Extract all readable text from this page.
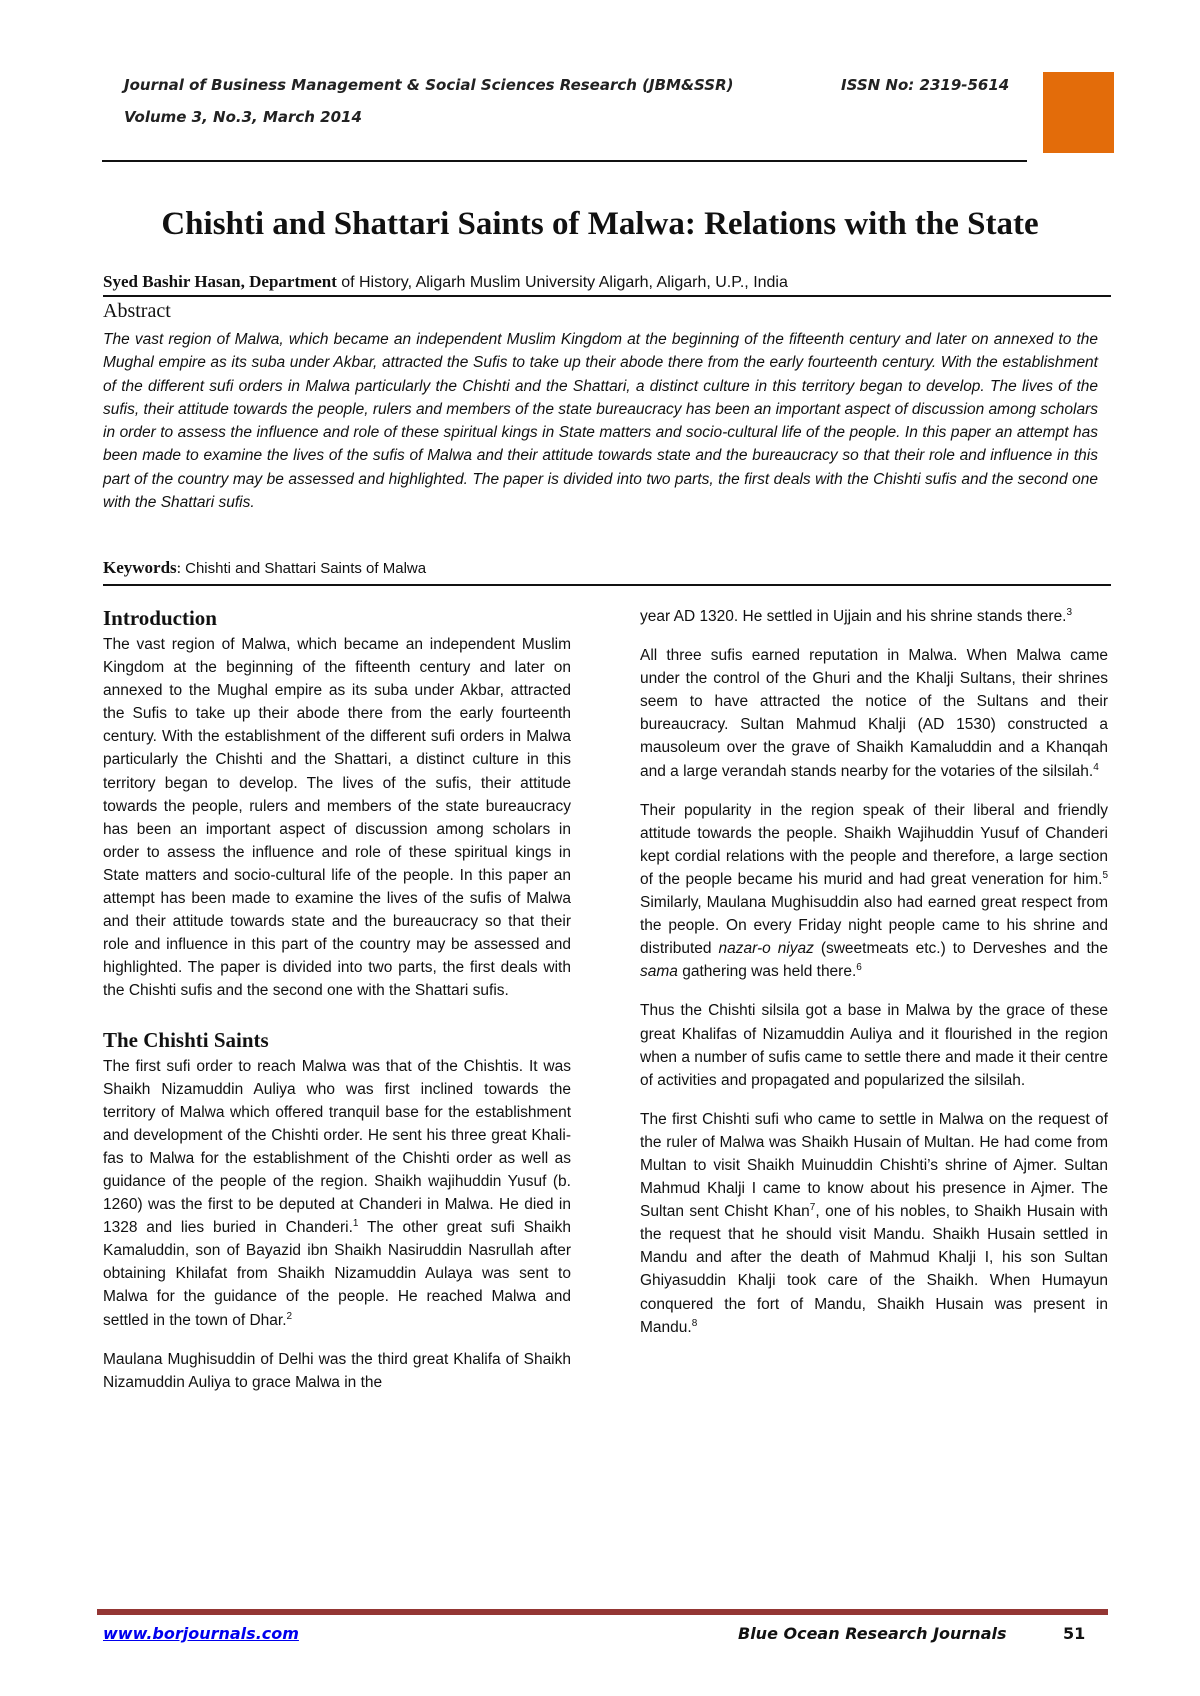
Journal of Business Management & Social Sciences Research (JBM&SSR)	ISSN No: 2319-5614
Volume 3, No.3, March 2014
Chishti and Shattari Saints of Malwa: Relations with the State
Syed Bashir Hasan, Department of History, Aligarh Muslim University Aligarh, Aligarh, U.P., India
Abstract
The vast region of Malwa, which became an independent Muslim Kingdom at the beginning of the fifteenth century and later on annexed to the Mughal empire as its suba under Akbar, attracted the Sufis to take up their abode there from the early fourteenth century. With the establishment of the different sufi orders in Malwa particularly the Chishti and the Shattari, a distinct culture in this territory began to develop. The lives of the sufis, their attitude towards the people, rulers and members of the state bureaucracy has been an important aspect of discussion among scholars in order to assess the influence and role of these spiritual kings in State matters and socio-cultural life of the people. In this paper an attempt has been made to examine the lives of the sufis of Malwa and their attitude towards state and the bureaucracy so that their role and influence in this part of the country may be assessed and highlighted. The paper is divided into two parts, the first deals with the Chishti sufis and the second one with the Shattari sufis.
Keywords: Chishti and Shattari Saints of Malwa
Introduction

The vast region of Malwa, which became an independent Muslim Kingdom at the beginning of the fifteenth century and later on annexed to the Mughal empire as its suba under Akbar, attracted the Sufis to take up their abode there from the early fourteenth century. With the establishment of the different sufi orders in Malwa particularly the Chishti and the Shattari, a distinct culture in this territory began to develop. The lives of the sufis, their attitude towards the people, rulers and members of the state bureaucracy has been an important aspect of discussion among scholars in order to assess the influence and role of these spiritual kings in State matters and socio-cultural life of the people. In this paper an attempt has been made to examine the lives of the sufis of Malwa and their attitude towards state and the bureaucracy so that their role and influence in this part of the country may be assessed and highlighted. The paper is divided into two parts, the first deals with the Chishti sufis and the second one with the Shattari sufis.

The Chishti Saints

The first sufi order to reach Malwa was that of the Chishtis. It was Shaikh Nizamuddin Auliya who was first inclined towards the territory of Malwa which offered tranquil base for the establishment and development of the Chishti order. He sent his three great Khalifas to Malwa for the establishment of the Chishti order as well as guidance of the people of the region. Shaikh wajihuddin Yusuf (b. 1260) was the first to be deputed at Chanderi in Malwa. He died in 1328 and lies buried in Chanderi.$^1$ The other great sufi Shaikh Kamaluddin, son of Bayazid ibn Shaikh Nasiruddin Nasrullah after obtaining Khilafat from Shaikh Nizamuddin Aulaya was sent to Malwa for the guidance of the people. He reached Malwa and settled in the town of Dhar.$^2$

Maulana Mughisuddin of Delhi was the third great Khalifa of Shaikh Nizamuddin Auliya to grace Malwa in the

year AD 1320. He settled in Ujjain and his shrine stands there.$^3$

All three sufis earned reputation in Malwa. When Malwa came under the control of the Ghuri and the Khalji Sultans, their shrines seem to have attracted the notice of the Sultans and their bureaucracy. Sultan Mahmud Khalji (AD 1530) constructed a mausoleum over the grave of Shaikh Kamaluddin and a Khanqah and a large verandah stands nearby for the votaries of the silsilah.$^4$

Their popularity in the region speak of their liberal and friendly attitude towards the people. Shaikh Wajihuddin Yusuf of Chanderi kept cordial relations with the people and therefore, a large section of the people became his murid and had great veneration for him.$^5$ Similarly, Maulana Mughisuddin also had earned great respect from the people. On every Friday night people came to his shrine and distributed nazar-o niyaz (sweetmeats etc.) to Derveshes and the sama gathering was held there.$^6$

Thus the Chishti silsila got a base in Malwa by the grace of these great Khalifas of Nizamuddin Auliya and it flourished in the region when a number of sufis came to settle there and made it their centre of activities and propagated and popularized the silsilah.

The first Chishti sufi who came to settle in Malwa on the request of the ruler of Malwa was Shaikh Husain of Multan. He had come from Multan to visit Shaikh Muinuddin Chishti’s shrine of Ajmer. Sultan Mahmud Khalji I came to know about his presence in Ajmer. The Sultan sent Chisht Khan$^7$, one of his nobles, to Shaikh Husain with the request that he should visit Mandu. Shaikh Husain settled in Mandu and after the death of Mahmud Khalji I, his son Sultan Ghiyasuddin Khalji took care of the Shaikh. When Humayun conquered the fort of Mandu, Shaikh Husain was present in Mandu.$^8$

www.borjournals.com	Blue Ocean Research Journals	51
